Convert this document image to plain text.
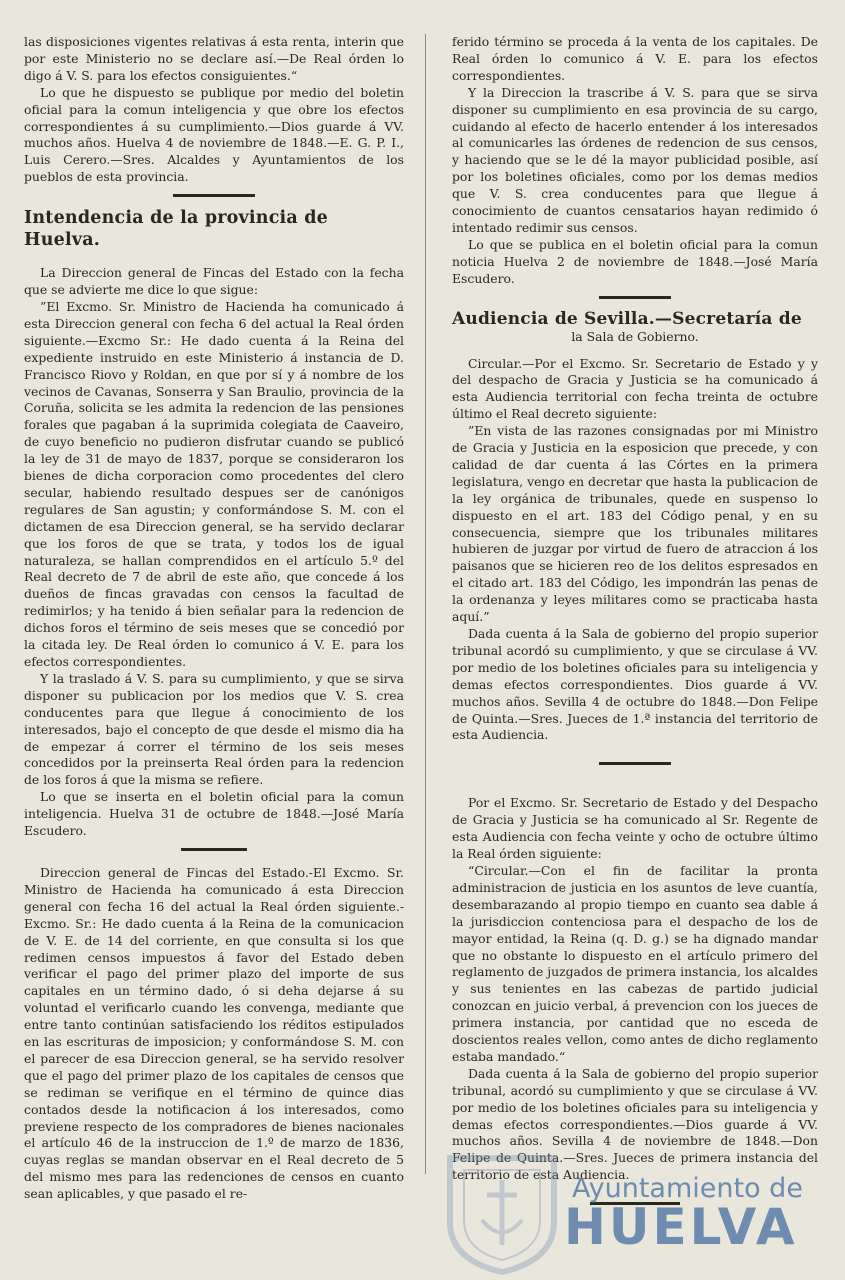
las disposiciones vigentes relativas á esta renta, interin que por este Ministerio no se declare así.—De Real órden lo digo á V. S. para los efectos consiguientes.“

Lo que he dispuesto se publique por medio del boletin oficial para la comun inteligencia y que obre los efectos correspondientes á su cumplimiento.—Dios guarde á VV. muchos años. Huelva 4 de noviembre de 1848.—E. G. P. I., Luis Cerero.—Sres. Alcaldes y Ayuntamientos de los pueblos de esta provincia.

Intendencia de la provincia de Huelva.

La Direccion general de Fincas del Estado con la fecha que se advierte me dice lo que sigue:

”El Excmo. Sr. Ministro de Hacienda ha comunicado á esta Direccion general con fecha 6 del actual la Real órden siguiente.—Excmo Sr.: He dado cuenta á la Reina del expediente instruido en este Ministerio á instancia de D. Francisco Riovo y Roldan, en que por sí y á nombre de los vecinos de Cavanas, Sonserra y San Braulio, provincia de la Coruña, solicita se les admita la redencion de las pensiones forales que pagaban á la suprimida colegiata de Caaveiro, de cuyo beneficio no pudieron disfrutar cuando se publicó la ley de 31 de mayo de 1837, porque se consideraron los bienes de dicha corporacion como procedentes del clero secular, habiendo resultado despues ser de canónigos regulares de San agustin; y conformándose S. M. con el dictamen de esa Direccion general, se ha servido declarar que los foros de que se trata, y todos los de igual naturaleza, se hallan comprendidos en el artículo 5.º del Real decreto de 7 de abril de este año, que concede á los dueños de fincas gravadas con censos la facultad de redimirlos; y ha tenido á bien señalar para la redencion de dichos foros el término de seis meses que se concedió por la citada ley. De Real órden lo comunico á V. E. para los efectos correspondientes.

Y la traslado á V. S. para su cumplimiento, y que se sirva disponer su publicacion por los medios que V. S. crea conducentes para que llegue á conocimiento de los interesados, bajo el concepto de que desde el mismo dia ha de empezar á correr el término de los seis meses concedidos por la preinserta Real órden para la redencion de los foros á que la misma se refiere.

Lo que se inserta en el boletin oficial para la comun inteligencia. Huelva 31 de octubre de 1848.—José María Escudero.

Direccion general de Fincas del Estado.-El Excmo. Sr. Ministro de Hacienda ha comunicado á esta Direccion general con fecha 16 del actual la Real órden siguiente.- Excmo. Sr.: He dado cuenta á la Reina de la comunicacion de V. E. de 14 del corriente, en que consulta si los que redimen censos impuestos á favor del Estado deben verificar el pago del primer plazo del importe de sus capitales en un término dado, ó si deha dejarse á su voluntad el verificarlo cuando les convenga, mediante que entre tanto continúan satisfaciendo los réditos estipulados en las escrituras de imposicion; y conformándose S. M. con el parecer de esa Direccion general, se ha servido resolver que el pago del primer plazo de los capitales de censos que se rediman se verifique en el término de quince dias contados desde la notificacion á los interesados, como previene respecto de los compradores de bienes nacionales el artículo 46 de la instruccion de 1.º de marzo de 1836, cuyas reglas se mandan observar en el Real decreto de 5 del mismo mes para las redenciones de censos en cuanto sean aplicables, y que pasado el re-

ferido término se proceda á la venta de los capitales. De Real órden lo comunico á V. E. para los efectos correspondientes.

Y la Direccion la trascribe á V. S. para que se sirva disponer su cumplimiento en esa provincia de su cargo, cuidando al efecto de hacerlo entender á los interesados al comunicarles las órdenes de redencion de sus censos, y haciendo que se le dé la mayor publicidad posible, así por los boletines oficiales, como por los demas medios que V. S. crea conducentes para que llegue á conocimiento de cuantos censatarios hayan redimido ó intentado redimir sus censos.

Lo que se publica en el boletin oficial para la comun noticia Huelva 2 de noviembre de 1848.—José María Escudero.

Audiencia de Sevilla.—Secretaría de
la Sala de Gobierno.

Circular.—Por el Excmo. Sr. Secretario de Estado y y del despacho de Gracia y Justicia se ha comunicado á esta Audiencia territorial con fecha treinta de octubre último el Real decreto siguiente:

”En vista de las razones consignadas por mi Ministro de Gracia y Justicia en la esposicion que precede, y con calidad de dar cuenta á las Córtes en la primera legislatura, vengo en decretar que hasta la publicacion de la ley orgánica de tribunales, quede en suspenso lo dispuesto en el art. 183 del Código penal, y en su consecuencia, siempre que los tribunales militares hubieren de juzgar por virtud de fuero de atraccion á los paisanos que se hicieren reo de los delitos espresados en el citado art. 183 del Código, les impondrán las penas de la ordenanza y leyes militares como se practicaba hasta aquí.”

Dada cuenta á la Sala de gobierno del propio superior tribunal acordó su cumplimiento, y que se circulase á VV. por medio de los boletines oficiales para su inteligencia y demas efectos correspondientes. Dios guarde á VV. muchos años. Sevilla 4 de octubre do 1848.—Don Felipe de Quinta.—Sres. Jueces de 1.ª instancia del territorio de esta Audiencia.

Por el Excmo. Sr. Secretario de Estado y del Despacho de Gracia y Justicia se ha comunicado al Sr. Regente de esta Audiencia con fecha veinte y ocho de octubre último la Real órden siguiente:

“Circular.—Con el fin de facilitar la pronta administracion de justicia en los asuntos de leve cuantía, desembarazando al propio tiempo en cuanto sea dable á la jurisdiccion contenciosa para el despacho de los de mayor entidad, la Reina (q. D. g.) se ha dignado mandar que no obstante lo dispuesto en el artículo primero del reglamento de juzgados de primera instancia, los alcaldes y sus tenientes en las cabezas de partido judicial conozcan en juicio verbal, á prevencion con los jueces de primera instancia, por cantidad que no esceda de doscientos reales vellon, como antes de dicho reglamento estaba mandado.“

Dada cuenta á la Sala de gobierno del propio superior tribunal, acordó su cumplimiento y que se circulase á VV. por medio de los boletines oficiales para su inteligencia y demas efectos correspondientes.—Dios guarde á VV. muchos años. Sevilla 4 de noviembre de 1848.—Don Felipe de Quinta.—Sres. Jueces de primera instancia del territorio de esta Audiencia.

Ayuntamiento de
HUELVA
